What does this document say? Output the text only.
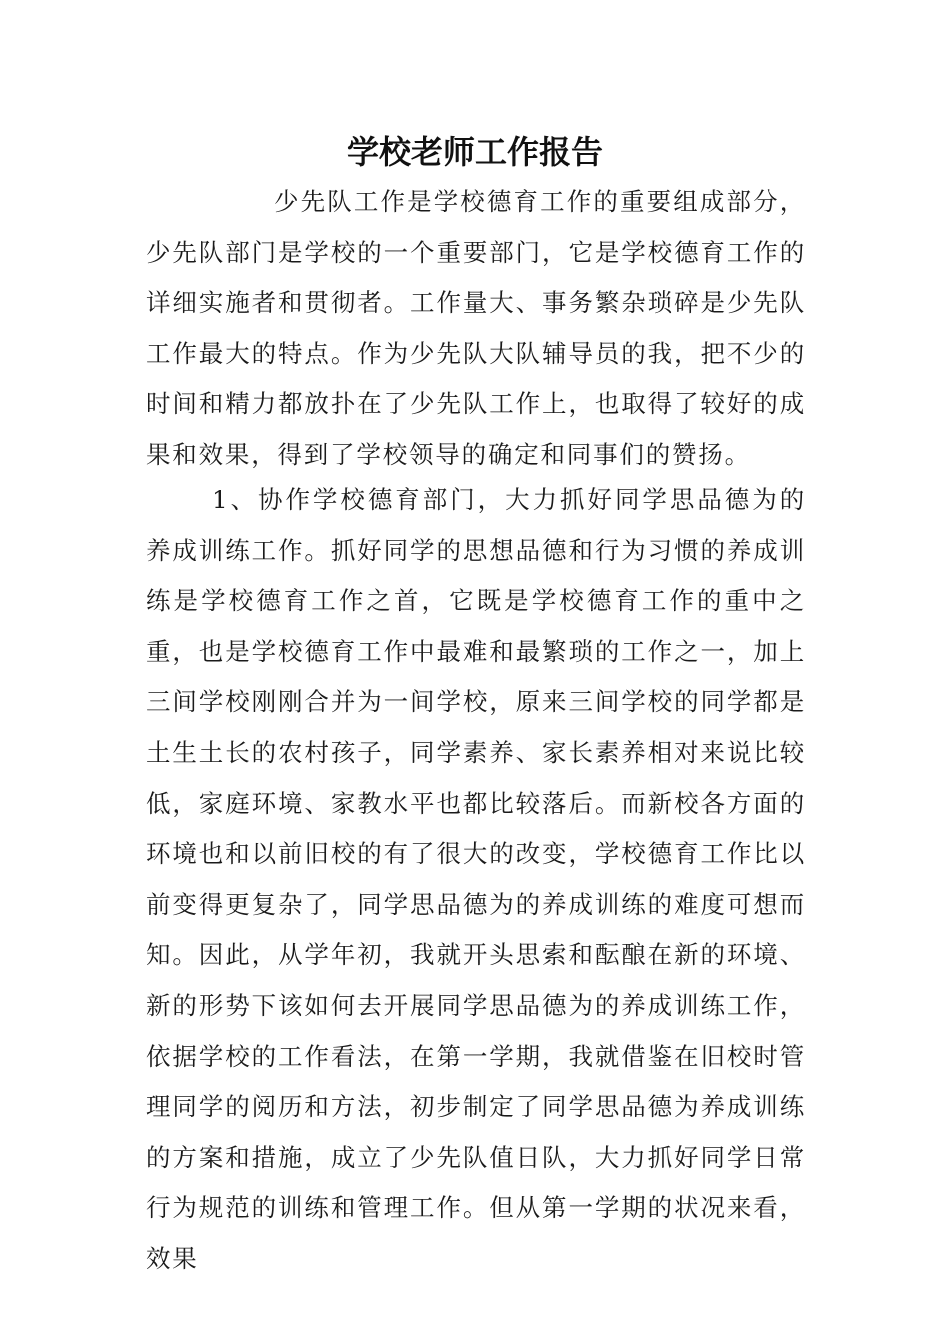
学校老师工作报告

少先队工作是学校德育工作的重要组成部分，少先队部门是学校的一个重要部门，它是学校德育工作的详细实施者和贯彻者。工作量大、事务繁杂琐碎是少先队工作最大的特点。作为少先队大队辅导员的我，把不少的时间和精力都放扑在了少先队工作上，也取得了较好的成果和效果，得到了学校领导的确定和同事们的赞扬。

1、协作学校德育部门，大力抓好同学思品德为的养成训练工作。抓好同学的思想品德和行为习惯的养成训练是学校德育工作之首，它既是学校德育工作的重中之重，也是学校德育工作中最难和最繁琐的工作之一，加上三间学校刚刚合并为一间学校，原来三间学校的同学都是土生土长的农村孩子，同学素养、家长素养相对来说比较低，家庭环境、家教水平也都比较落后。而新校各方面的环境也和以前旧校的有了很大的改变，学校德育工作比以前变得更复杂了，同学思品德为的养成训练的难度可想而知。因此，从学年初，我就开头思索和酝酿在新的环境、新的形势下该如何去开展同学思品德为的养成训练工作，依据学校的工作看法，在第一学期，我就借鉴在旧校时管理同学的阅历和方法，初步制定了同学思品德为养成训练的方案和措施，成立了少先队值日队，大力抓好同学日常行为规范的训练和管理工作。但从第一学期的状况来看，效果
